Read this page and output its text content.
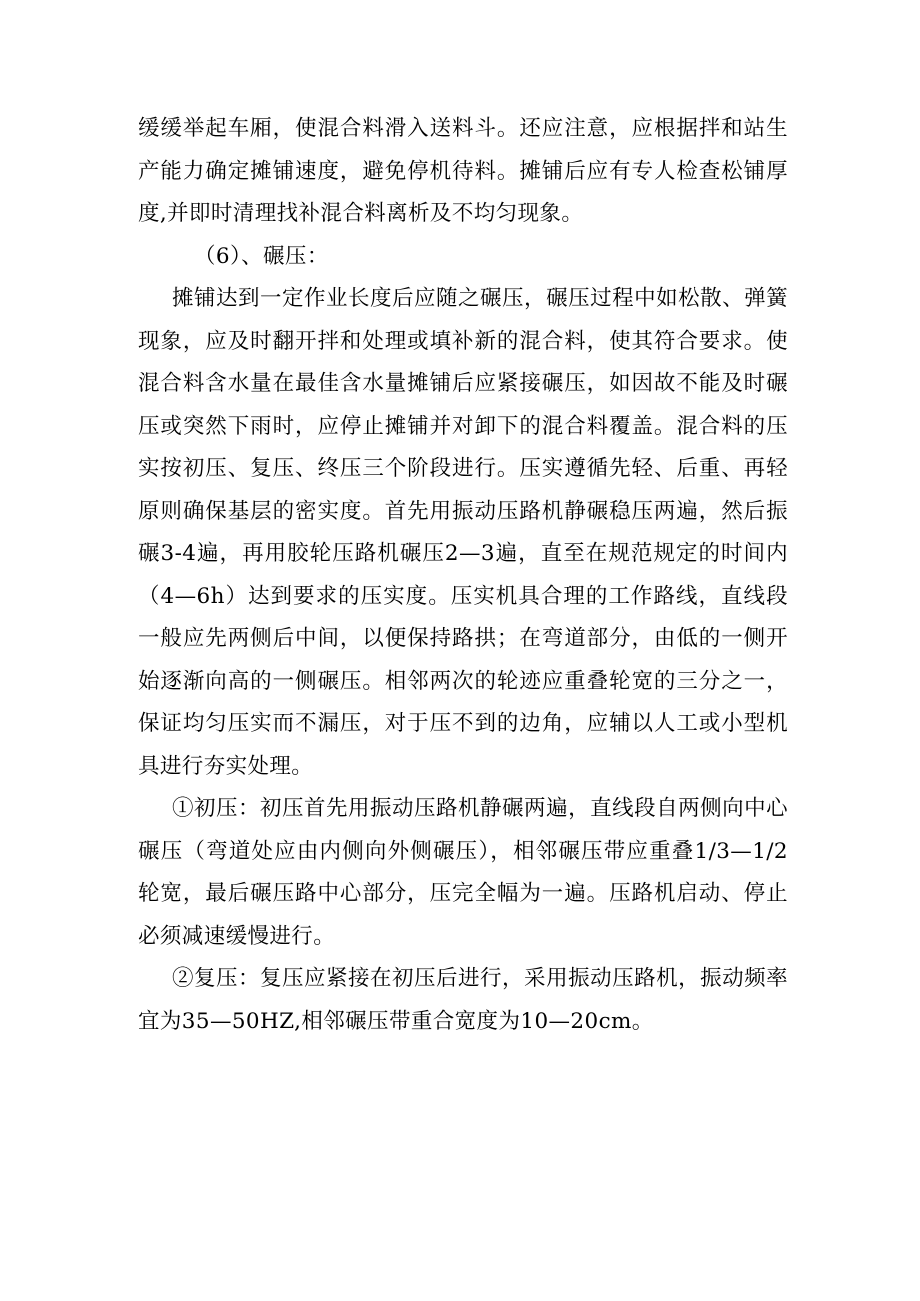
缓缓举起车厢，使混合料滑入送料斗。还应注意，应根据拌和站生产能力确定摊铺速度，避免停机待料。摊铺后应有专人检查松铺厚度,并即时清理找补混合料离析及不均匀现象。

（6）、碾压：

摊铺达到一定作业长度后应随之碾压，碾压过程中如松散、弹簧现象，应及时翻开拌和处理或填补新的混合料，使其符合要求。使混合料含水量在最佳含水量摊铺后应紧接碾压，如因故不能及时碾压或突然下雨时，应停止摊铺并对卸下的混合料覆盖。混合料的压实按初压、复压、终压三个阶段进行。压实遵循先轻、后重、再轻原则确保基层的密实度。首先用振动压路机静碾稳压两遍，然后振碾3-4遍，再用胶轮压路机碾压2—3遍，直至在规范规定的时间内（4—6h）达到要求的压实度。压实机具合理的工作路线，直线段一般应先两侧后中间，以便保持路拱；在弯道部分，由低的一侧开始逐渐向高的一侧碾压。相邻两次的轮迹应重叠轮宽的三分之一，保证均匀压实而不漏压，对于压不到的边角，应辅以人工或小型机具进行夯实处理。

①初压：初压首先用振动压路机静碾两遍，直线段自两侧向中心碾压（弯道处应由内侧向外侧碾压），相邻碾压带应重叠1/3—1/2轮宽，最后碾压路中心部分，压完全幅为一遍。压路机启动、停止必须减速缓慢进行。

②复压：复压应紧接在初压后进行，采用振动压路机，振动频率宜为35—50HZ,相邻碾压带重合宽度为10—20cm。
